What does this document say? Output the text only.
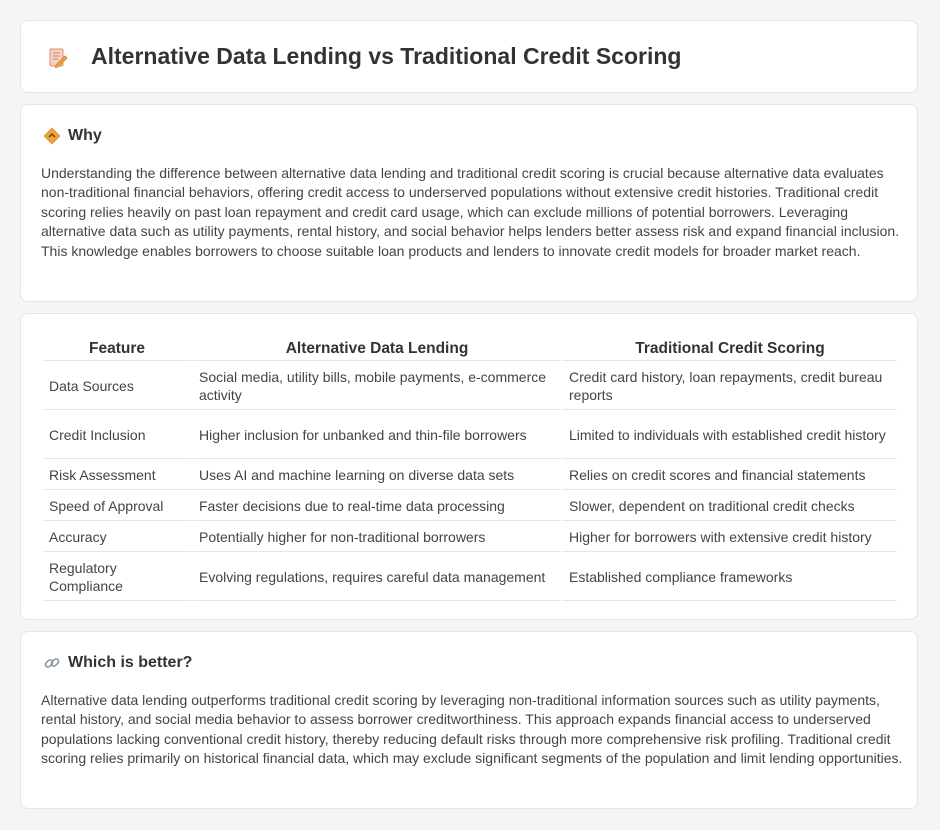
Alternative Data Lending vs Traditional Credit Scoring
Why

Understanding the difference between alternative data lending and traditional credit scoring is crucial because alternative data evaluates non-traditional financial behaviors, offering credit access to underserved populations without extensive credit histories. Traditional credit scoring relies heavily on past loan repayment and credit card usage, which can exclude millions of potential borrowers. Leveraging alternative data such as utility payments, rental history, and social behavior helps lenders better assess risk and expand financial inclusion. This knowledge enables borrowers to choose suitable loan products and lenders to innovate credit models for broader market reach.

Feature	Alternative Data Lending	Traditional Credit Scoring
Data Sources	Social media, utility bills, mobile payments, e-commerce activity	Credit card history, loan repayments, credit bureau reports
Credit Inclusion	Higher inclusion for unbanked and thin-file borrowers	Limited to individuals with established credit history
Risk Assessment	Uses AI and machine learning on diverse data sets	Relies on credit scores and financial statements
Speed of Approval	Faster decisions due to real-time data processing	Slower, dependent on traditional credit checks
Accuracy	Potentially higher for non-traditional borrowers	Higher for borrowers with extensive credit history
Regulatory Compliance	Evolving regulations, requires careful data management	Established compliance frameworks
Which is better?

Alternative data lending outperforms traditional credit scoring by leveraging non-traditional information sources such as utility payments, rental history, and social media behavior to assess borrower creditworthiness. This approach expands financial access to underserved populations lacking conventional credit history, thereby reducing default risks through more comprehensive risk profiling. Traditional credit scoring relies primarily on historical financial data, which may exclude significant segments of the population and limit lending opportunities.
